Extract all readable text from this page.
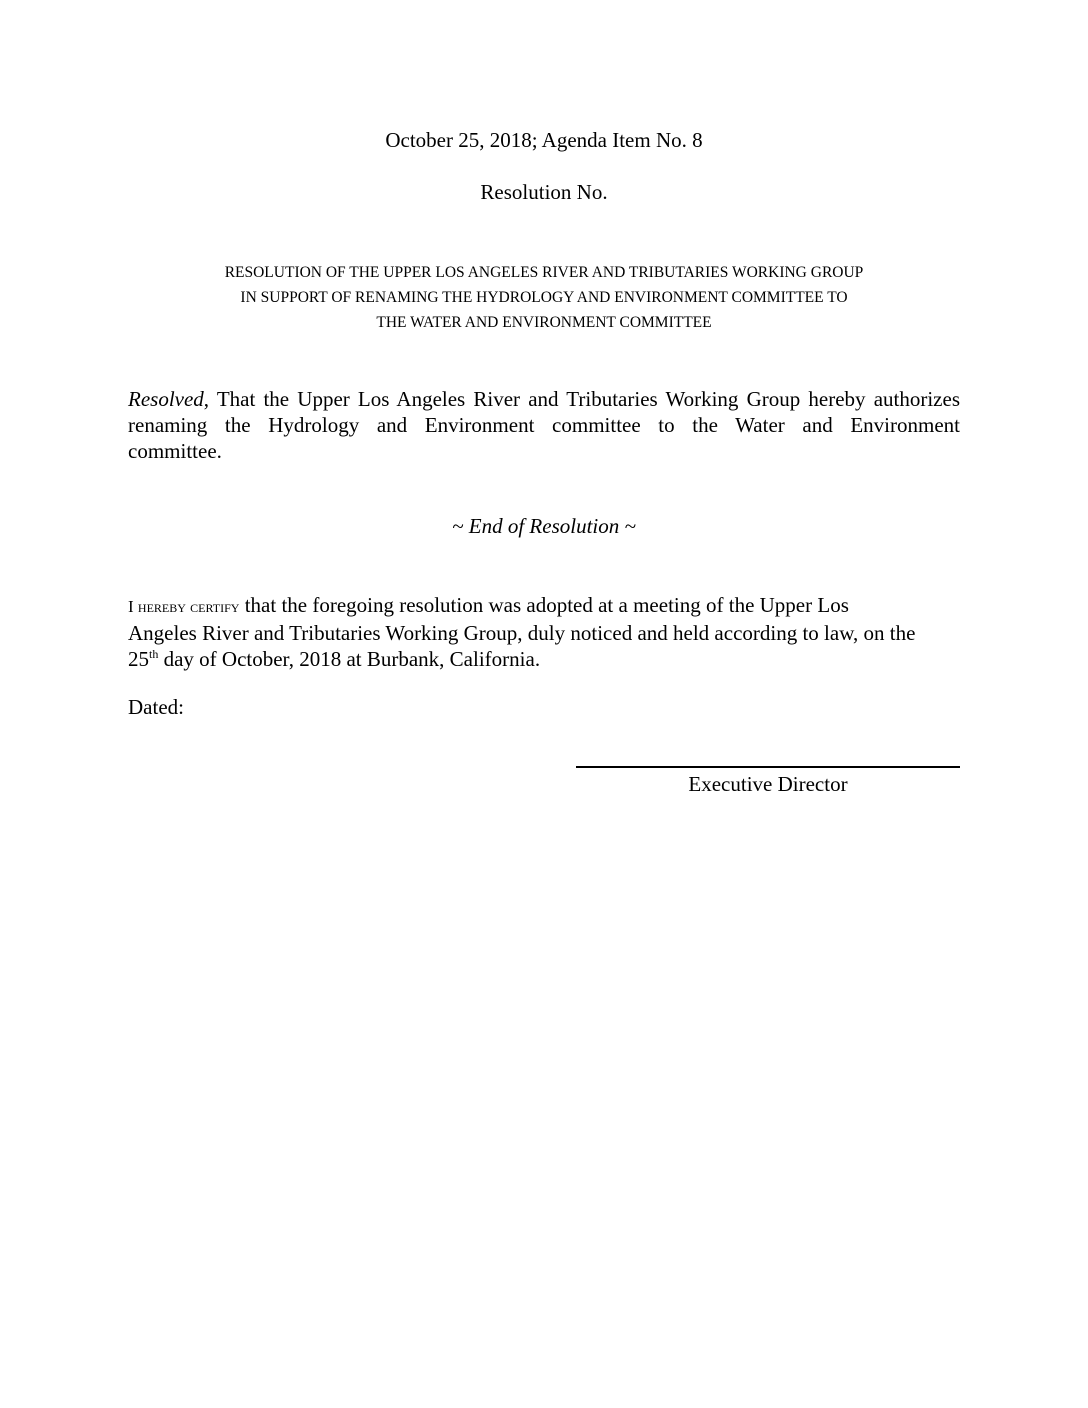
October 25, 2018; Agenda Item No. 8
Resolution No.
RESOLUTION OF THE UPPER LOS ANGELES RIVER AND TRIBUTARIES WORKING GROUP
IN SUPPORT OF RENAMING THE HYDROLOGY AND ENVIRONMENT COMMITTEE TO
THE WATER AND ENVIRONMENT COMMITTEE
Resolved, That the Upper Los Angeles River and Tributaries Working Group hereby authorizes
renaming the Hydrology and Environment committee to the Water and Environment
committee.
~ End of Resolution ~
I hereby certify that the foregoing resolution was adopted at a meeting of the Upper Los
Angeles River and Tributaries Working Group, duly noticed and held according to law, on the
25th day of October, 2018 at Burbank, California.
Dated:
Executive Director
